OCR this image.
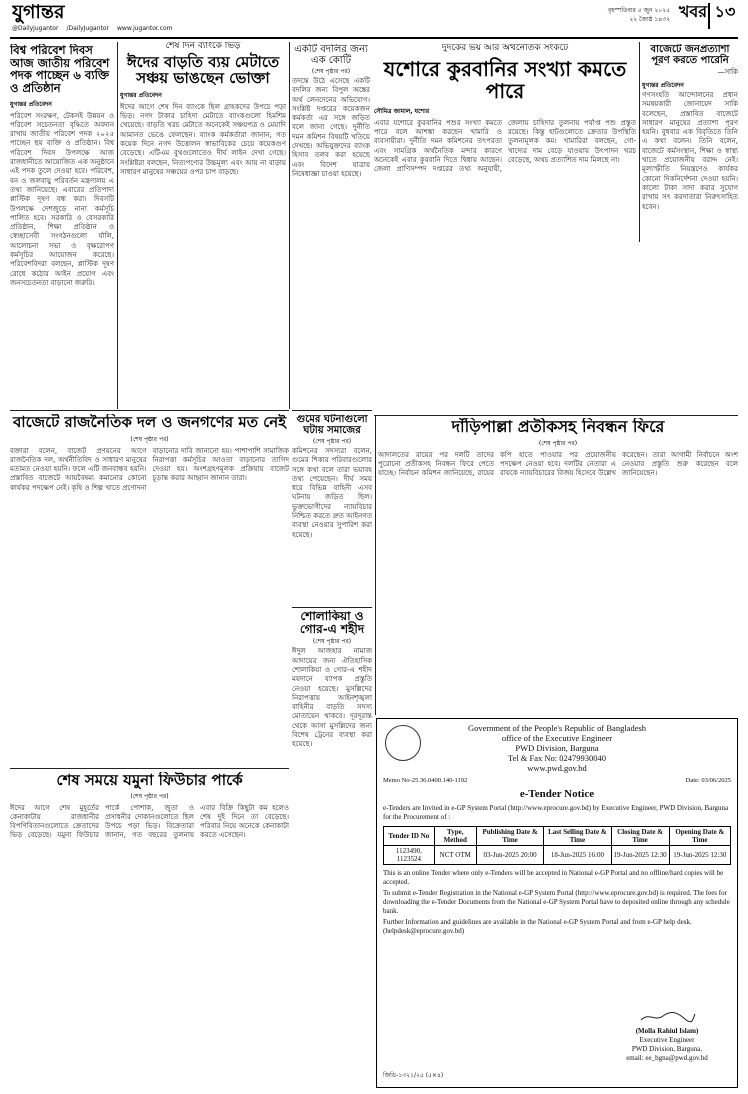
যুগান্তর
@Dailyjugantor /DailyJugantor www.jugantor.com
বৃহস্পতিবার ৫ জুন ২০২৫
২২ জ্যৈষ্ঠ ১৪৩২ খবর ১৩
বিশ্ব পরিবেশ দিবস আজ জাতীয় পরিবেশ পদক পাচ্ছেন ৬ ব্যক্তি ও প্রতিষ্ঠান
যুগান্তর প্রতিবেদন
পরিবেশ সংরক্ষণ, টেকসই উন্নয়ন ও পরিবেশ সচেতনতা বৃদ্ধিতে অবদান রাখায় জাতীয় পরিবেশ পদক ২০২৫ পাচ্ছেন ছয় ব্যক্তি ও প্রতিষ্ঠান। বিশ্ব পরিবেশ দিবস উপলক্ষে আজ রাজধানীতে আয়োজিত এক অনুষ্ঠানে এই পদক তুলে দেওয়া হবে। পরিবেশ, বন ও জলবায়ু পরিবর্তন মন্ত্রণালয় এ তথ্য জানিয়েছে। এবারের প্রতিপাদ্য প্লাস্টিক দূষণ বন্ধ করা। দিবসটি উপলক্ষে দেশজুড়ে নানা কর্মসূচি পালিত হবে। সরকারি ও বেসরকারি প্রতিষ্ঠান, শিক্ষা প্রতিষ্ঠান ও স্বেচ্ছাসেবী সংগঠনগুলো র্যালি, আলোচনা সভা ও বৃক্ষরোপণ কর্মসূচির আয়োজন করেছে। পরিবেশবিদরা বলছেন, প্লাস্টিক দূষণ রোধে কঠোর আইন প্রয়োগ এবং জনসচেতনতা বাড়ানো জরুরি।
শেষ দিন ব্যাংকে ভিড়
ঈদের বাড়তি ব্যয় মেটাতে সঞ্চয় ভাঙছেন ভোক্তা
যুগান্তর প্রতিবেদন
ঈদের আগে শেষ দিন ব্যাংকে ছিল গ্রাহকদের উপচে পড়া ভিড়। নগদ টাকার চাহিদা মেটাতে ব্যাংকগুলো হিমশিম খেয়েছে। বাড়তি খরচ মেটাতে অনেকেই সঞ্চয়পত্র ও মেয়াদি আমানত ভেঙে ফেলছেন। ব্যাংক কর্মকর্তারা জানান, গত কয়েক দিনে নগদ উত্তোলন স্বাভাবিকের চেয়ে কয়েকগুণ বেড়েছে। এটিএম বুথগুলোতেও দীর্ঘ লাইন দেখা গেছে। সংশ্লিষ্টরা বলছেন, নিত্যপণ্যের উচ্চমূল্য এবং আয় না বাড়ায় সাধারণ মানুষের সঞ্চয়ের ওপর চাপ বাড়ছে।
একটি বদলির জন্য এক কোটি
(শেষ পৃষ্ঠার পর)
তদন্তে উঠে এসেছে একটি বদলির জন্য বিপুল অঙ্কের অর্থ লেনদেনের অভিযোগ। সংশ্লিষ্ট দপ্তরের কয়েকজন কর্মকর্তা এর সঙ্গে জড়িত বলে জানা গেছে। দুর্নীতি দমন কমিশন বিষয়টি খতিয়ে দেখছে। অভিযুক্তদের ব্যাংক হিসাব তলব করা হয়েছে এবং বিদেশ যাত্রায় নিষেধাজ্ঞা চাওয়া হয়েছে।
দুদকের ভয় আর অর্থনৈতিক সংকটে
যশোরে কুরবানির সংখ্যা কমতে পারে
সৌমিত্র জামাল, যশোর
এবার যশোরে কুরবানির পশুর সংখ্যা কমতে পারে বলে আশঙ্কা করছেন খামারি ও ব্যবসায়ীরা। দুর্নীতি দমন কমিশনের তৎপরতা এবং সামগ্রিক অর্থনৈতিক মন্দার কারণে অনেকেই এবার কুরবানি দিতে দ্বিধায় আছেন। জেলা প্রাণিসম্পদ দপ্তরের তথ্য অনুযায়ী, জেলায় চাহিদার তুলনায় পর্যাপ্ত পশু প্রস্তুত রয়েছে। কিন্তু হাটগুলোতে ক্রেতার উপস্থিতি তুলনামূলক কম। খামারিরা বলছেন, গো-খাদ্যের দাম বেড়ে যাওয়ায় উৎপাদন খরচ বেড়েছে, অথচ প্রত্যাশিত দাম মিলছে না।
বাজেটে জনপ্রত্যাশা পূরণ করতে পারেনি
—সাকি
যুগান্তর প্রতিবেদন
গণসংহতি আন্দোলনের প্রধান সমন্বয়কারী জোনায়েদ সাকি বলেছেন, প্রস্তাবিত বাজেটে সাধারণ মানুষের প্রত্যাশা পূরণ হয়নি। বুধবার এক বিবৃতিতে তিনি এ কথা বলেন। তিনি বলেন, বাজেটে কর্মসংস্থান, শিক্ষা ও স্বাস্থ্য খাতে প্রয়োজনীয় বরাদ্দ নেই। মূল্যস্ফীতি নিয়ন্ত্রণেও কার্যকর কোনো দিকনির্দেশনা দেওয়া হয়নি। কালো টাকা সাদা করার সুযোগ রাখায় সৎ করদাতারা নিরুৎসাহিত হবেন।
গুমের ঘটনাগুলো ঘটায় সমাজের
(শেষ পৃষ্ঠার পর)
কমিশনের সদস্যরা বলেন, গুমের শিকার পরিবারগুলোর সঙ্গে কথা বলে তারা ভয়াবহ তথ্য পেয়েছেন। দীর্ঘ সময় ধরে বিভিন্ন বাহিনী এসব ঘটনায় জড়িত ছিল। ভুক্তভোগীদের ন্যায়বিচার নিশ্চিত করতে দ্রুত আইনগত ব্যবস্থা নেওয়ার সুপারিশ করা হয়েছে।
দাঁড়িপাল্লা প্রতীকসহ নিবন্ধন ফিরে
(শেষ পৃষ্ঠার পর)
আদালতের রায়ের পর দলটি তাদের পুরোনো প্রতীকসহ নিবন্ধন ফিরে পেতে যাচ্ছে। নির্বাচন কমিশন জানিয়েছে, রায়ের কপি হাতে পাওয়ার পর প্রয়োজনীয় পদক্ষেপ নেওয়া হবে। দলটির নেতারা এ রায়কে ন্যায়বিচারের বিজয় হিসেবে উল্লেখ করেছেন। তারা আগামী নির্বাচনে অংশ নেওয়ার প্রস্তুতি শুরু করেছেন বলে জানিয়েছেন।
বাজেটে রাজনৈতিক দল ও জনগণের মত নেই
(শেষ পৃষ্ঠার পর)
বক্তারা বলেন, বাজেট প্রণয়নের আগে রাজনৈতিক দল, অর্থনীতিবিদ ও সাধারণ মানুষের মতামত নেওয়া হয়নি। ফলে এটি জনবান্ধব হয়নি। প্রস্তাবিত বাজেটে আয়বৈষম্য কমানোর কোনো কার্যকর পদক্ষেপ নেই। কৃষি ও শিল্প খাতে প্রণোদনা বাড়ানোর দাবি জানানো হয়। পাশাপাশি সামাজিক নিরাপত্তা কর্মসূচির আওতা বাড়ানোর তাগিদ দেওয়া হয়। অংশগ্রহণমূলক প্রক্রিয়ায় বাজেট চূড়ান্ত করার আহ্বান জানান তারা।
শোলাকিয়া ও গোর-এ শহীদ
(শেষ পৃষ্ঠার পর)
ঈদুল আজহার নামাজ আদায়ের জন্য ঐতিহাসিক শোলাকিয়া ও গোর-এ শহীদ ময়দানে ব্যাপক প্রস্তুতি নেওয়া হয়েছে। মুসল্লিদের নিরাপত্তায় আইনশৃঙ্খলা বাহিনীর বাড়তি সদস্য মোতায়েন থাকবে। দূরদূরান্ত থেকে আসা মুসল্লিদের জন্য বিশেষ ট্রেনের ব্যবস্থা করা হয়েছে।
শেষ সময়ে যমুনা ফিউচার পার্কে
(শেষ পৃষ্ঠার পর)
ঈদের আগে শেষ মুহূর্তের কেনাকাটায় রাজধানীর বিপণিবিতানগুলোতে ক্রেতাদের ভিড় বেড়েছে। যমুনা ফিউচার পার্কে পোশাক, জুতা ও প্রসাধনীর দোকানগুলোতে ছিল উপচে পড়া ভিড়। বিক্রেতারা জানান, গত বছরের তুলনায় এবার বিক্রি কিছুটা কম হলেও শেষ দুই দিনে তা বেড়েছে। পরিবার নিয়ে অনেকে কেনাকাটা করতে এসেছেন।
Government of the People's Republic of Bangladesh
office of the Executive Engineer
PWD Division, Barguna
Tel & Fax No: 02479930040
www.pwd.gov.bd
Memo No-25.36.0400.140-1192	Date: 03/06/2025
e-Tender Notice
e-Tenders are Invited in e-GP System Portal (http://www.eprocure.gov.bd) by Executive Engineer, PWD Division, Barguna for the Procurement of :
Tender ID No	Type, Method	Publishing Date & Time	Last Selling Date & Time	Closing Date & Time	Opening Date & Time
1123490, 1123524	NCT OTM	03-Jun-2025 20:00	18-Jun-2025 16:00	19-Jun-2025 12:30	19-Jun-2025 12:30

This is an online Tender where only e-Tenders will be accepted in National e-GP Portal and no offline/hard copies will be accepted.

To submit e-Tender Registration in the National e-GP System Portal (http://www.eprocure.gov.bd) is required. The fees for downloading the e-Tender Documents from the National e-GP System Portal have to deposited online through any schedule bank.

Further Information and guidelines are available in the National e-GP System Portal and from e-GP help desk. (helpdesk@eprocure.gov.bd)

(Molla Rahiul Islam)
Executive Engineer
PWD Division, Barguna.
email: ee_bgna@pwd.gov.bd
জিডি-১৩২১/২৫ (৫×৪)
